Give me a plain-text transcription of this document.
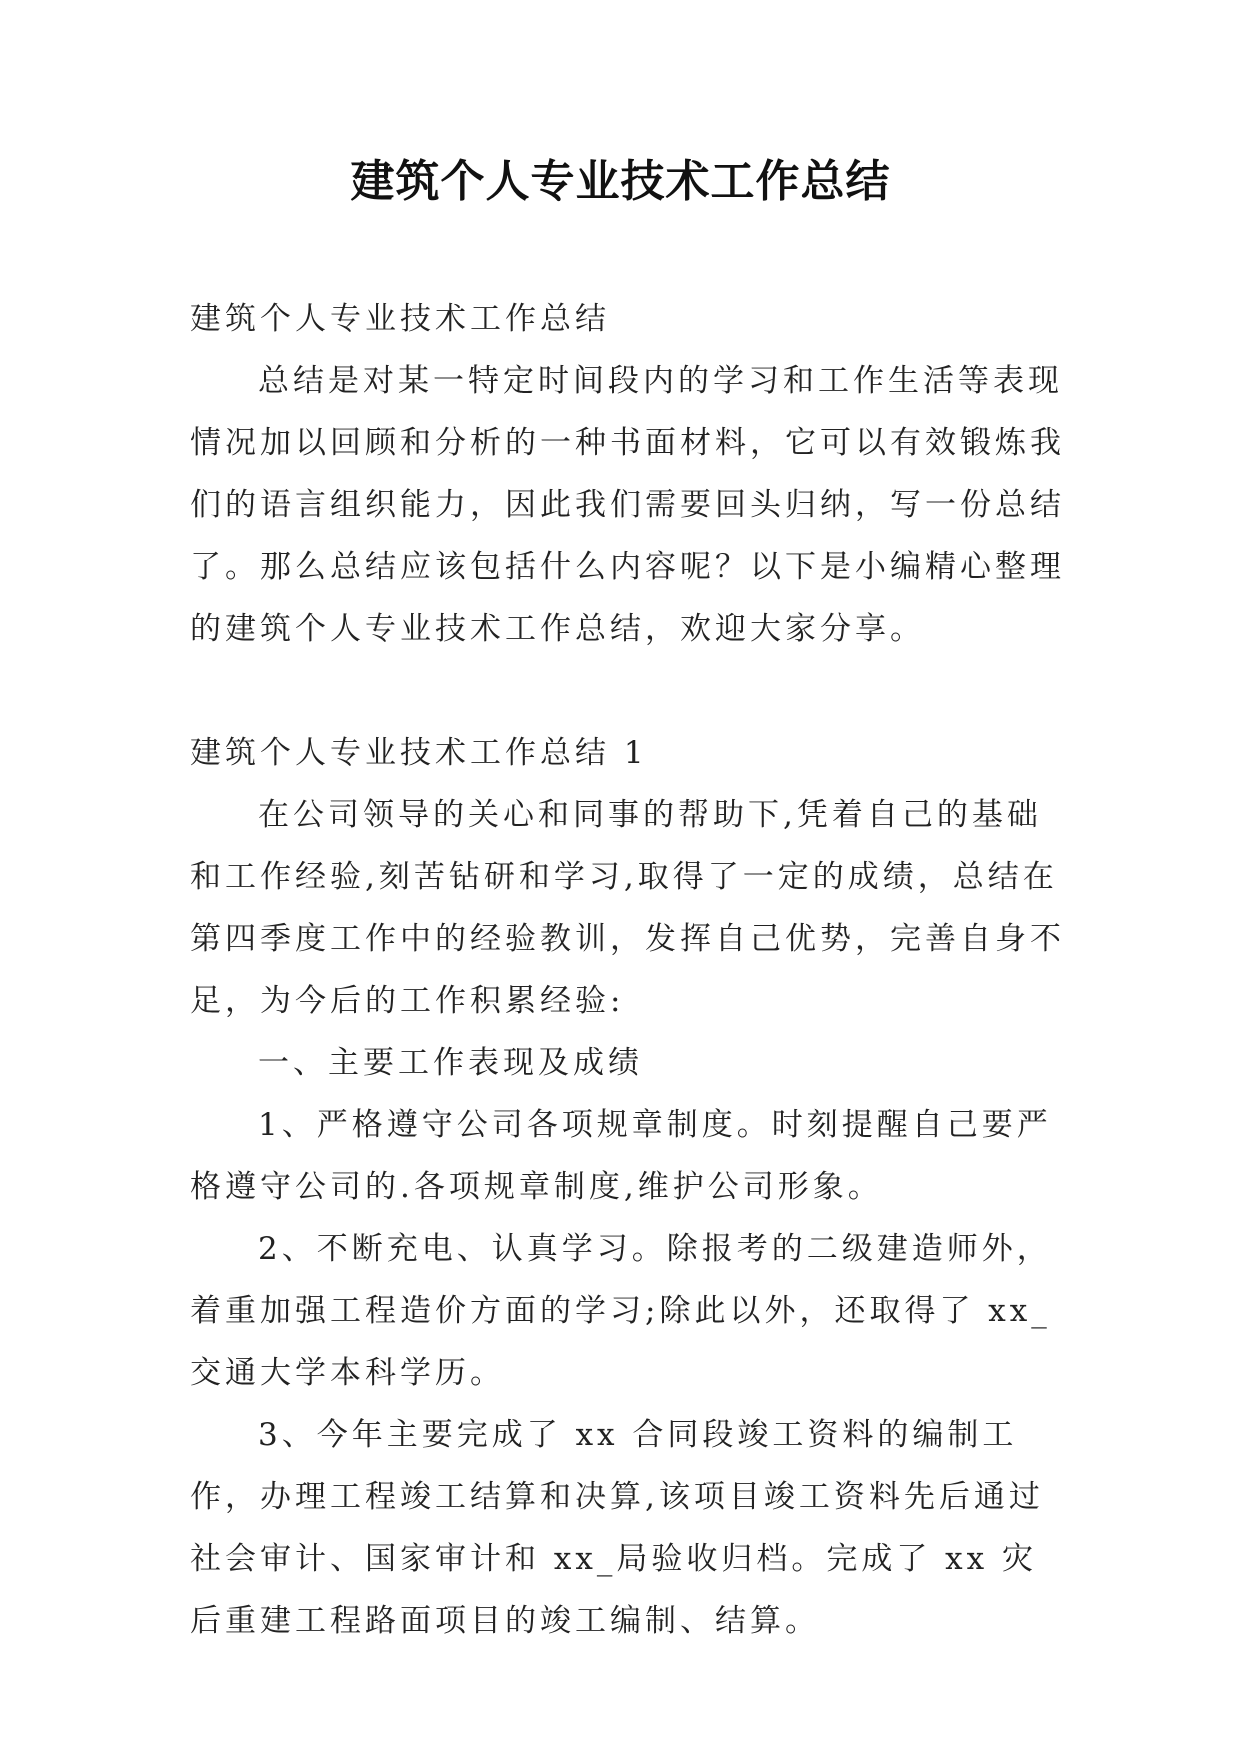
建筑个人专业技术工作总结

建筑个人专业技术工作总结

总结是对某一特定时间段内的学习和工作生活等表现情况加以回顾和分析的一种书面材料，它可以有效锻炼我们的语言组织能力，因此我们需要回头归纳，写一份总结了。那么总结应该包括什么内容呢？以下是小编精心整理的建筑个人专业技术工作总结，欢迎大家分享。

建筑个人专业技术工作总结 1

在公司领导的关心和同事的帮助下,凭着自己的基础和工作经验,刻苦钻研和学习,取得了一定的成绩，总结在第四季度工作中的经验教训，发挥自己优势，完善自身不足，为今后的工作积累经验:

一、主要工作表现及成绩

1、严格遵守公司各项规章制度。时刻提醒自己要严格遵守公司的.各项规章制度,维护公司形象。

2、不断充电、认真学习。除报考的二级建造师外，着重加强工程造价方面的学习;除此以外，还取得了 xx_交通大学本科学历。

3、今年主要完成了 xx 合同段竣工资料的编制工作，办理工程竣工结算和决算,该项目竣工资料先后通过社会审计、国家审计和 xx_局验收归档。完成了 xx 灾后重建工程路面项目的竣工编制、结算。
